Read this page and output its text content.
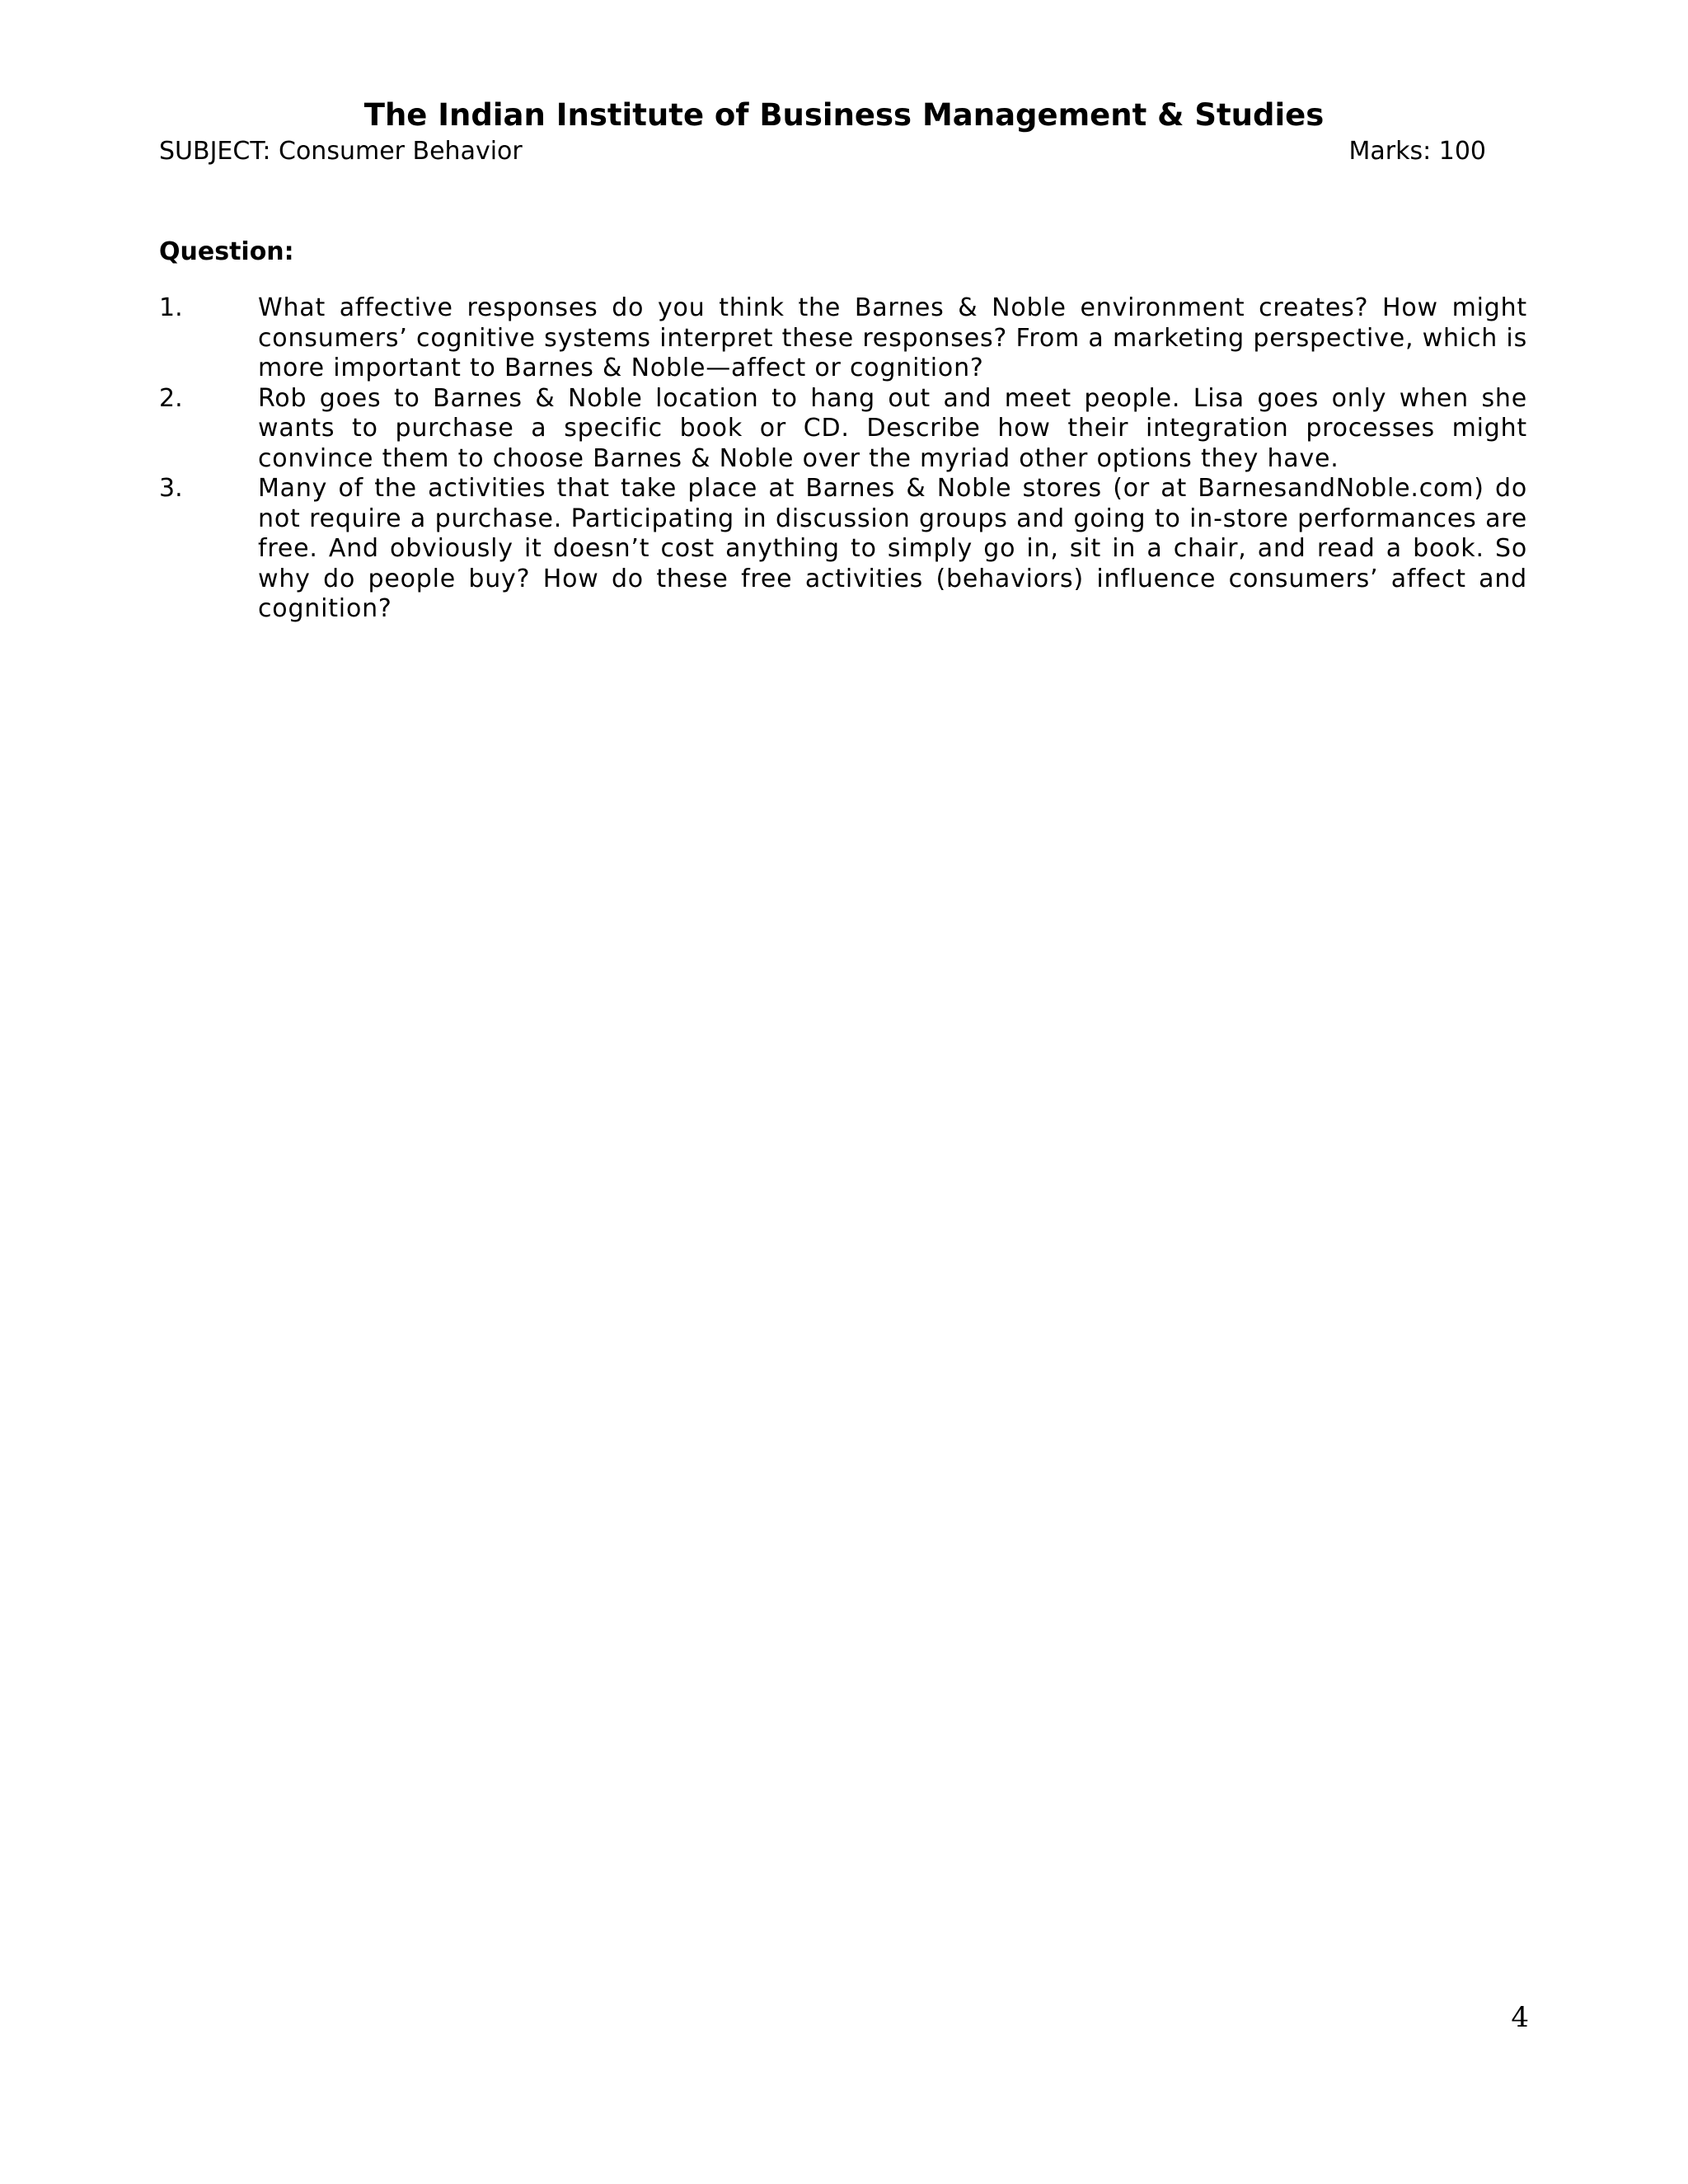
The Indian Institute of Business Management & Studies
SUBJECT: Consumer Behavior	Marks: 100
Question:
1.	What affective responses do you think the Barnes & Noble environment creates? How might consumers’ cognitive systems interpret these responses? From a marketing perspective, which is more important to Barnes & Noble—affect or cognition?
2.	Rob goes to Barnes & Noble location to hang out and meet people. Lisa goes only when she wants to purchase a specific book or CD. Describe how their integration processes might convince them to choose Barnes & Noble over the myriad other options they have.
3.	Many of the activities that take place at Barnes & Noble stores (or at BarnesandNoble.com) do not require a purchase. Participating in discussion groups and going to in-store performances are free. And obviously it doesn’t cost anything to simply go in, sit in a chair, and read a book. So why do people buy? How do these free activities (behaviors) influence consumers’ affect and cognition?
4
